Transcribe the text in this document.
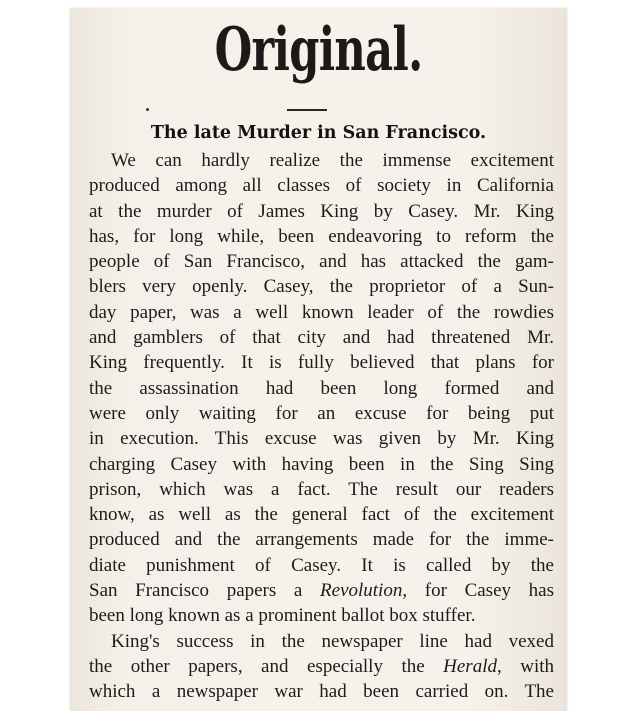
Original.
The late Murder in San Francisco.
We can hardly realize the immense excitement
produced among all classes of society in California
at the murder of James King by Casey. Mr. King
has, for long while, been endeavoring to reform the
people of San Francisco, and has attacked the gam-
blers very openly. Casey, the proprietor of a Sun-
day paper, was a well known leader of the rowdies
and gamblers of that city and had threatened Mr.
King frequently. It is fully believed that plans for
the assassination had been long formed and
were only waiting for an excuse for being put
in execution. This excuse was given by Mr. King
charging Casey with having been in the Sing Sing
prison, which was a fact. The result our readers
know, as well as the general fact of the excitement
produced and the arrangements made for the imme-
diate punishment of Casey. It is called by the
San Francisco papers a Revolution, for Casey has
been long known as a prominent ballot box stuffer.
King's success in the newspaper line had vexed
the other papers, and especially the Herald, with
which a newspaper war had been carried on. The
